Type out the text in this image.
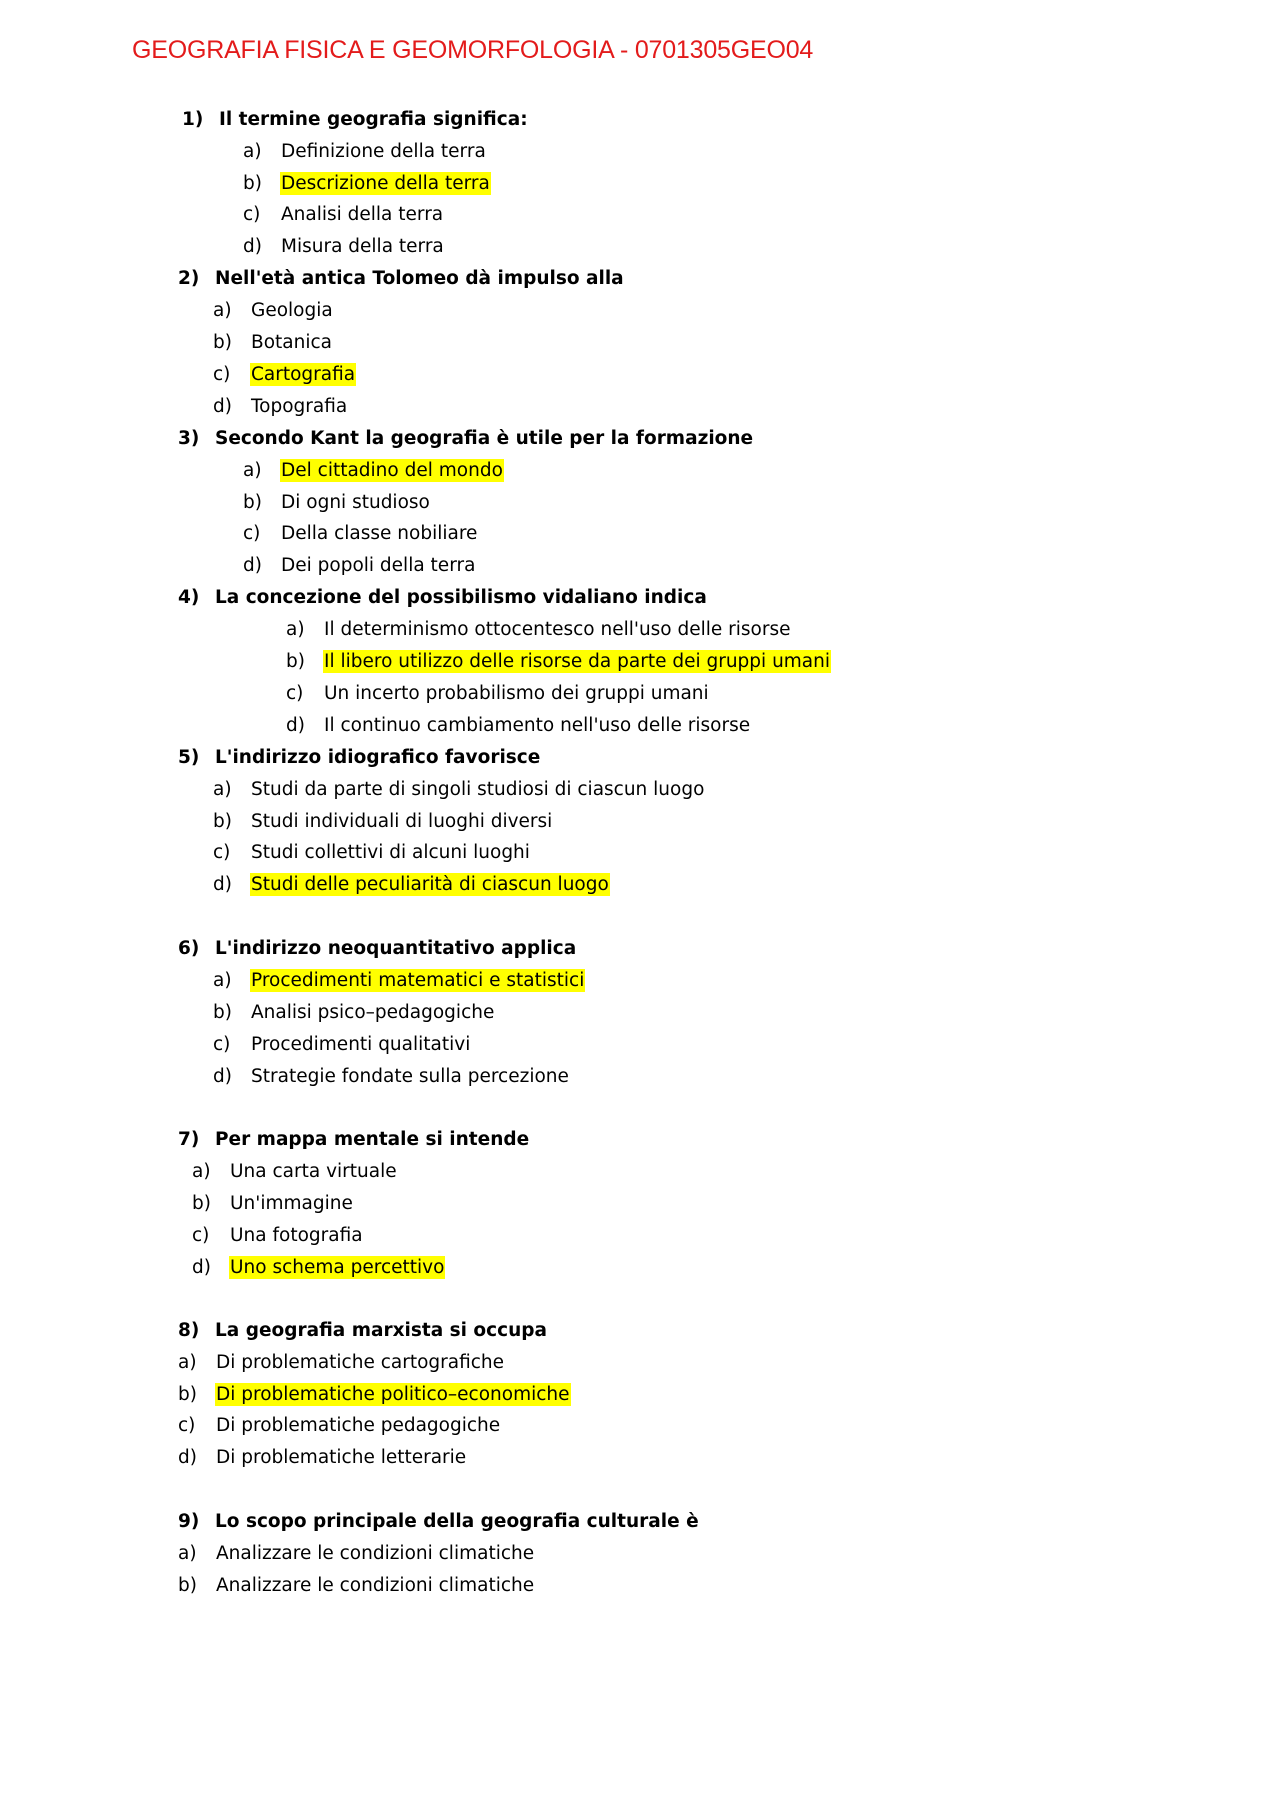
GEOGRAFIA FISICA E GEOMORFOLOGIA - 0701305GEO04
1) Il termine geografia significa:
a) Definizione della terra
b) Descrizione della terra
c) Analisi della terra
d) Misura della terra
2) Nell'età antica Tolomeo dà impulso alla
a) Geologia
b) Botanica
c) Cartografia
d) Topografia
3) Secondo Kant la geografia è utile per la formazione
a) Del cittadino del mondo
b) Di ogni studioso
c) Della classe nobiliare
d) Dei popoli della terra
4) La concezione del possibilismo vidaliano indica
a) Il determinismo ottocentesco nell'uso delle risorse
b) Il libero utilizzo delle risorse da parte dei gruppi umani
c) Un incerto probabilismo dei gruppi umani
d) Il continuo cambiamento nell'uso delle risorse
5) L'indirizzo idiografico favorisce
a) Studi da parte di singoli studiosi di ciascun luogo
b) Studi individuali di luoghi diversi
c) Studi collettivi di alcuni luoghi
d) Studi delle peculiarità di ciascun luogo
6) L'indirizzo neoquantitativo applica
a) Procedimenti matematici e statistici
b) Analisi psico–pedagogiche
c) Procedimenti qualitativi
d) Strategie fondate sulla percezione
7) Per mappa mentale si intende
a) Una carta virtuale
b) Un'immagine
c) Una fotografia
d) Uno schema percettivo
8) La geografia marxista si occupa
a) Di problematiche cartografiche
b) Di problematiche politico–economiche
c) Di problematiche pedagogiche
d) Di problematiche letterarie
9) Lo scopo principale della geografia culturale è
a) Analizzare le condizioni climatiche
b) Analizzare le condizioni climatiche
